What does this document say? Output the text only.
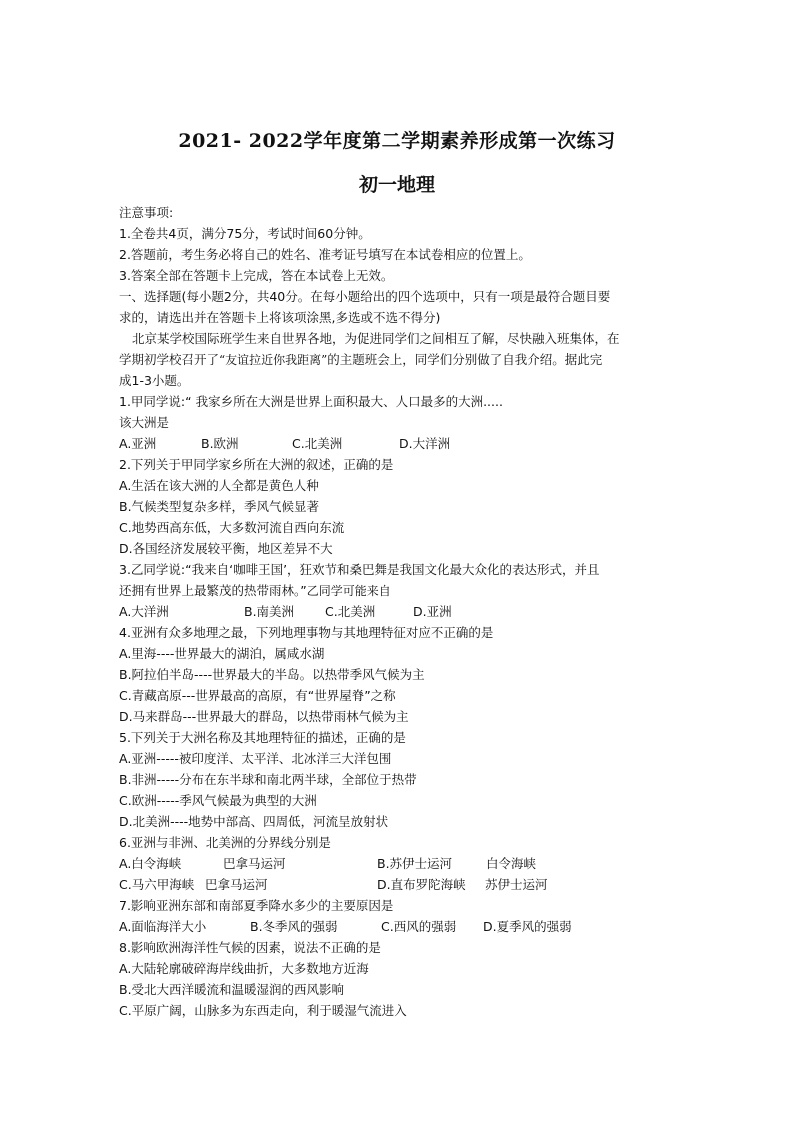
2021- 2022学年度第二学期素养形成第一次练习
初一地理
注意事项:
1.全卷共4页，满分75分，考试时间60分钟。
2.答题前，考生务必将自己的姓名、准考证号填写在本试卷相应的位置上。
3.答案全部在答题卡上完成，答在本试卷上无效。
一、选择题(每小题2分，共40分。在每小题给出的四个选项中，只有一项是最符合题目要
求的，请选出并在答题卡上将该项涂黑,多选或不选不得分)
北京某学校国际班学生来自世界各地，为促进同学们之间相互了解，尽快融入班集体，在
学期初学校召开了“友谊拉近你我距离”的主题班会上，同学们分别做了自我介绍。据此完
成1-3小题。
1.甲同学说:“ 我家乡所在大洲是世界上面积最大、人口最多的大洲.....
该大洲是
A.亚洲	B.欧洲	C.北美洲	D.大洋洲
2.下列关于甲同学家乡所在大洲的叙述，正确的是
A.生活在该大洲的人全都是黄色人种
B.气候类型复杂多样，季风气候显著
C.地势西高东低，大多数河流自西向东流
D.各国经济发展较平衡，地区差异不大
3.乙同学说:“我来自‘咖啡王国’，狂欢节和桑巴舞是我国文化最大众化的表达形式，并且
还拥有世界上最繁茂的热带雨林。”乙同学可能来自
A.大洋洲	B.南美洲 C.北美洲	D.亚洲
4.亚洲有众多地理之最，下列地理事物与其地理特征对应不正确的是
A.里海----世界最大的湖泊，属咸水湖
B.阿拉伯半岛----世界最大的半岛。以热带季风气候为主
C.青藏高原---世界最高的高原，有“世界屋脊”之称
D.马来群岛---世界最大的群岛，以热带雨林气候为主
5.下列关于大洲名称及其地理特征的描述，正确的是
A.亚洲-----被印度洋、太平洋、北冰洋三大洋包围
B.非洲-----分布在东半球和南北两半球，全部位于热带
C.欧洲-----季风气候最为典型的大洲
D.北美洲----地势中部高、四周低，河流呈放射状
6.亚洲与非洲、北美洲的分界线分别是
A.白令海峡	巴拿马运河	B.苏伊士运河	白令海峡
C.马六甲海峡 巴拿马运河	D.直布罗陀海峡 苏伊士运河
7.影响亚洲东部和南部夏季降水多少的主要原因是
A.面临海洋大小	B.冬季风的强弱	C.西风的强弱 D.夏季风的强弱
8.影响欧洲海洋性气候的因素，说法不正确的是
A.大陆轮廓破碎海岸线曲折，大多数地方近海
B.受北大西洋暖流和温暖湿润的西风影响
C.平原广阔，山脉多为东西走向，利于暖湿气流进入
